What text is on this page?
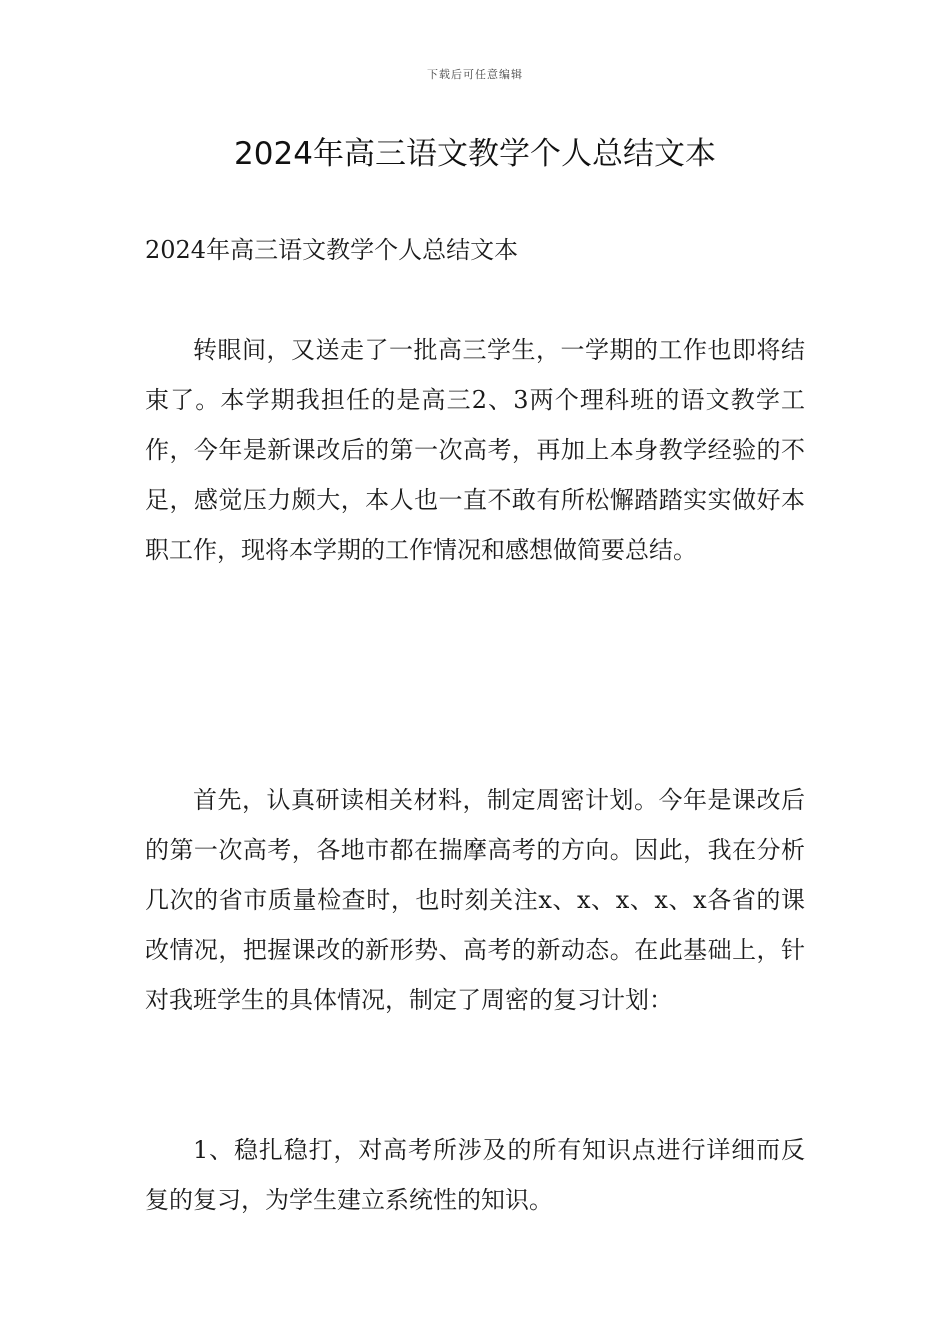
下载后可任意编辑
2024年高三语文教学个人总结文本
2024年高三语文教学个人总结文本

转眼间，又送走了一批高三学生，一学期的工作也即将结束了。本学期我担任的是高三2、3两个理科班的语文教学工作，今年是新课改后的第一次高考，再加上本身教学经验的不足，感觉压力颇大，本人也一直不敢有所松懈踏踏实实做好本职工作，现将本学期的工作情况和感想做简要总结。

首先，认真研读相关材料，制定周密计划。今年是课改后的第一次高考，各地市都在揣摩高考的方向。因此，我在分析几次的省市质量检查时，也时刻关注x、x、x、x、x各省的课改情况，把握课改的新形势、高考的新动态。在此基础上，针对我班学生的具体情况，制定了周密的复习计划：

1、稳扎稳打，对高考所涉及的所有知识点进行详细而反复的复习，为学生建立系统性的知识。
